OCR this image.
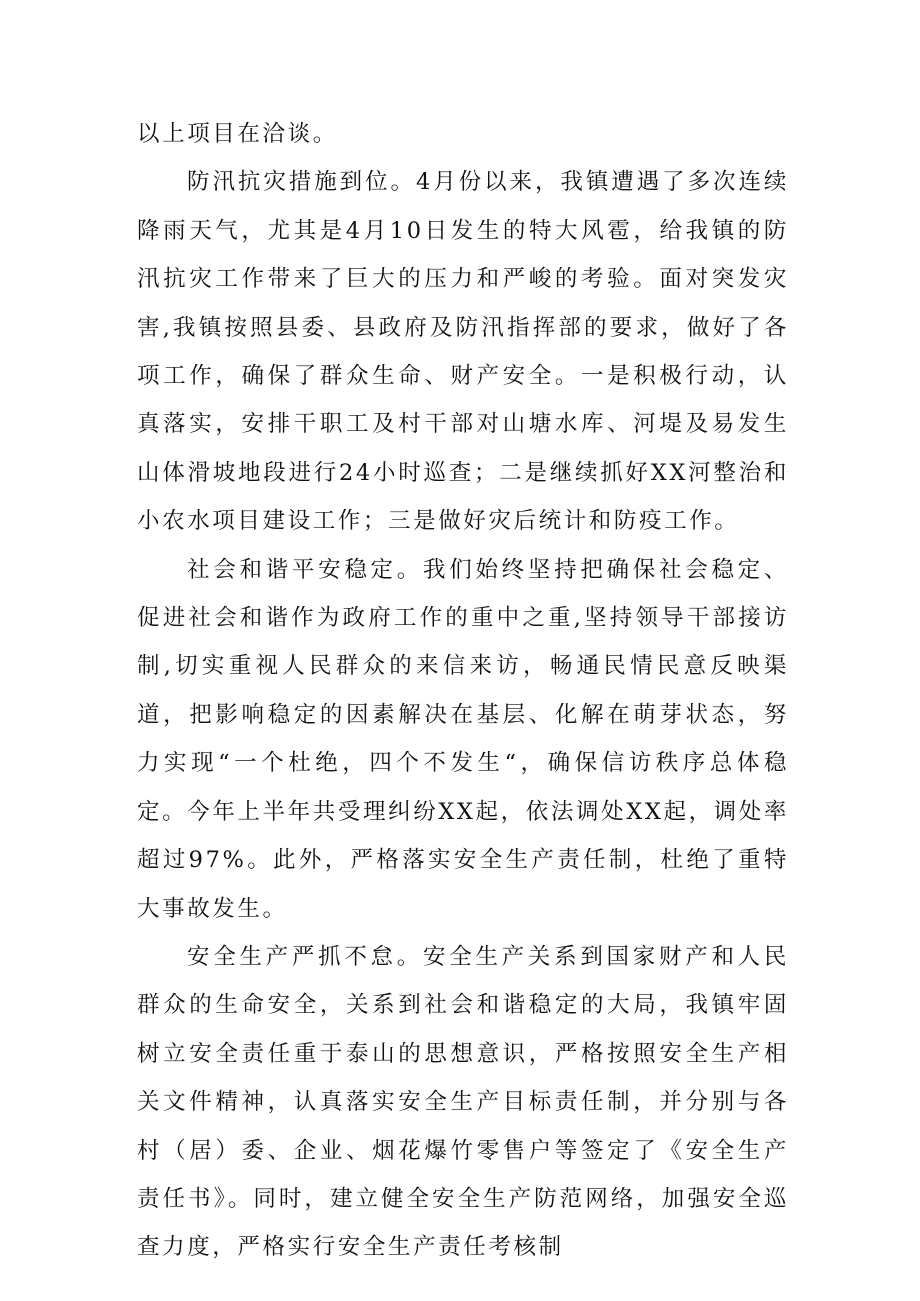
以上项目在洽谈。

防汛抗灾措施到位。4月份以来，我镇遭遇了多次连续降雨天气，尤其是4月10日发生的特大风雹，给我镇的防汛抗灾工作带来了巨大的压力和严峻的考验。面对突发灾害,我镇按照县委、县政府及防汛指挥部的要求，做好了各项工作，确保了群众生命、财产安全。一是积极行动，认真落实，安排干职工及村干部对山塘水库、河堤及易发生山体滑坡地段进行24小时巡查；二是继续抓好XX河整治和小农水项目建设工作；三是做好灾后统计和防疫工作。

社会和谐平安稳定。我们始终坚持把确保社会稳定、促进社会和谐作为政府工作的重中之重,坚持领导干部接访制,切实重视人民群众的来信来访，畅通民情民意反映渠道，把影响稳定的因素解决在基层、化解在萌芽状态，努力实现“一个杜绝，四个不发生“，确保信访秩序总体稳定。今年上半年共受理纠纷XX起，依法调处XX起，调处率超过97%。此外，严格落实安全生产责任制，杜绝了重特大事故发生。

安全生产严抓不怠。安全生产关系到国家财产和人民群众的生命安全，关系到社会和谐稳定的大局，我镇牢固树立安全责任重于泰山的思想意识，严格按照安全生产相关文件精神，认真落实安全生产目标责任制，并分别与各村（居）委、企业、烟花爆竹零售户等签定了《安全生产责任书》。同时，建立健全安全生产防范网络，加强安全巡查力度，严格实行安全生产责任考核制
